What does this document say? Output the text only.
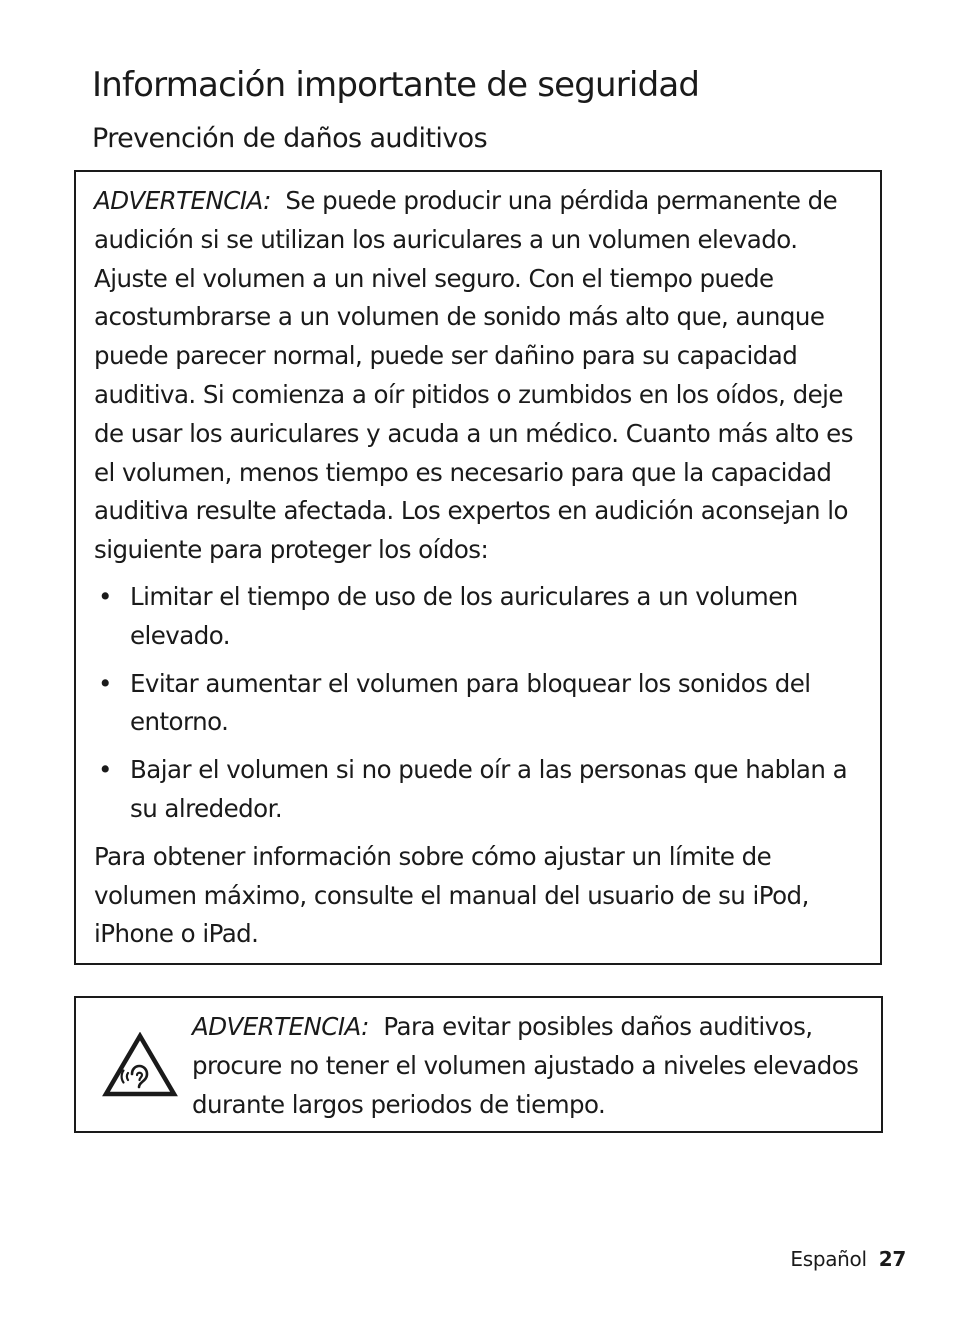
Información importante de seguridad
Prevención de daños auditivos

ADVERTENCIA: Se puede producir una pérdida permanente de audición si se utilizan los auriculares a un volumen elevado. Ajuste el volumen a un nivel seguro. Con el tiempo puede acostumbrarse a un volumen de sonido más alto que, aunque puede parecer normal, puede ser dañino para su capacidad auditiva. Si comienza a oír pitidos o zumbidos en los oídos, deje de usar los auriculares y acuda a un médico. Cuanto más alto es el volumen, menos tiempo es necesario para que la capacidad auditiva resulte afectada. Los expertos en audición aconsejan lo siguiente para proteger los oídos:

• Limitar el tiempo de uso de los auriculares a un volumen elevado.
• Evitar aumentar el volumen para bloquear los sonidos del entorno.
• Bajar el volumen si no puede oír a las personas que hablan a su alrededor.

Para obtener información sobre cómo ajustar un límite de volumen máximo, consulte el manual del usuario de su iPod, iPhone o iPad.

ADVERTENCIA: Para evitar posibles daños auditivos, procure no tener el volumen ajustado a niveles elevados durante largos periodos de tiempo.

Español 27
